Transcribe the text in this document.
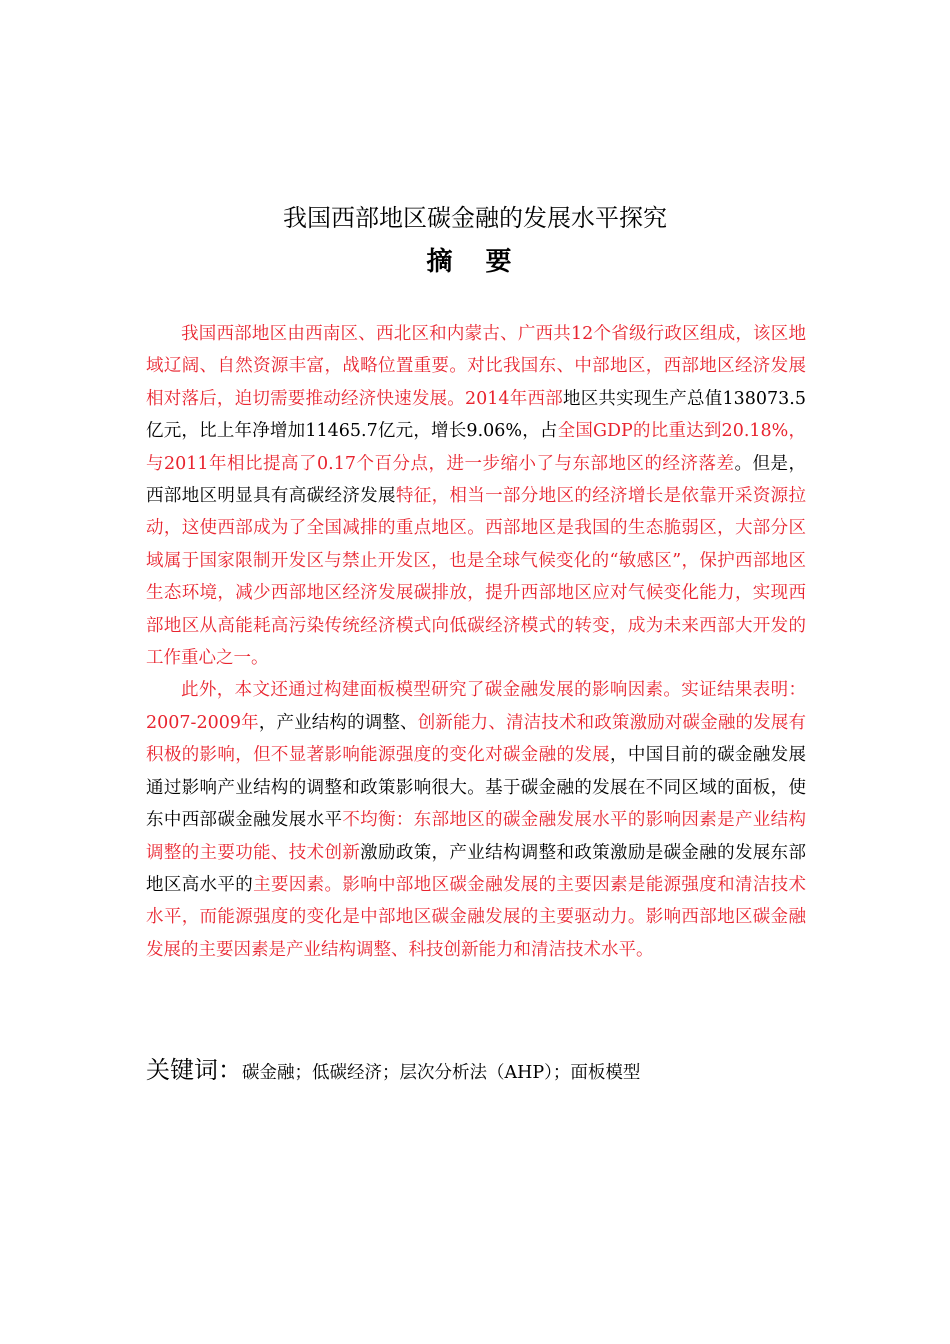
我国西部地区碳金融的发展水平探究
摘 要

我国西部地区由西南区、西北区和内蒙古、广西共12个省级行政区组成，该区地域辽阔、自然资源丰富，战略位置重要。对比我国东、中部地区，西部地区经济发展相对落后，迫切需要推动经济快速发展。2014年西部地区共实现生产总值138073.5亿元，比上年净增加11465.7亿元，增长9.06%，占全国GDP的比重达到20.18%，与2011年相比提高了0.17个百分点，进一步缩小了与东部地区的经济落差。但是，西部地区明显具有高碳经济发展特征，相当一部分地区的经济增长是依靠开采资源拉动，这使西部成为了全国减排的重点地区。西部地区是我国的生态脆弱区，大部分区域属于国家限制开发区与禁止开发区，也是全球气候变化的“敏感区”，保护西部地区生态环境，减少西部地区经济发展碳排放，提升西部地区应对气候变化能力，实现西部地区从高能耗高污染传统经济模式向低碳经济模式的转变，成为未来西部大开发的工作重心之一。

此外，本文还通过构建面板模型研究了碳金融发展的影响因素。实证结果表明：2007-2009年，产业结构的调整、创新能力、清洁技术和政策激励对碳金融的发展有积极的影响，但不显著影响能源强度的变化对碳金融的发展，中国目前的碳金融发展通过影响产业结构的调整和政策影响很大。基于碳金融的发展在不同区域的面板，使东中西部碳金融发展水平不均衡：东部地区的碳金融发展水平的影响因素是产业结构调整的主要功能、技术创新激励政策，产业结构调整和政策激励是碳金融的发展东部地区高水平的主要因素。影响中部地区碳金融发展的主要因素是能源强度和清洁技术水平，而能源强度的变化是中部地区碳金融发展的主要驱动力。影响西部地区碳金融发展的主要因素是产业结构调整、科技创新能力和清洁技术水平。

关键词：碳金融；低碳经济；层次分析法（AHP）；面板模型
